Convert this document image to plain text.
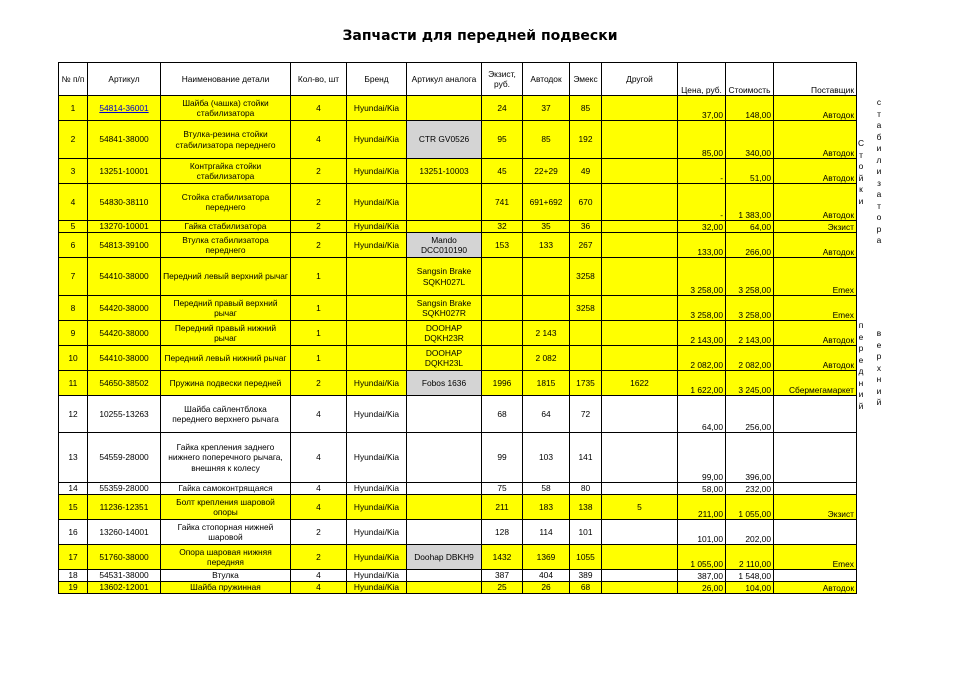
Запчасти для передней подвески
№ п/п	Артикул	Наименование детали	Кол-во, шт	Бренд	Артикул аналога	Экзист, руб.	Автодок	Эмекс	Другой	Цена, руб.	Стоимость	Поставщик
1	54814-36001	Шайба (чашка) стойки стабилизатора	4	Hyundai/Kia		24	37	85		37,00	148,00	Автодок
2	54841-38000	Втулка-резина стойки стабилизатора переднего	4	Hyundai/Kia	CTR GV0526	95	85	192		85,00	340,00	Автодок
3	13251-10001	Контргайка стойки стабилизатора	2	Hyundai/Kia	13251-10003	45	22+29	49		-	51,00	Автодок
4	54830-38110	Стойка стабилизатора переднего	2	Hyundai/Kia		741	691+692	670		-	1 383,00	Автодок
5	13270-10001	Гайка стабилизатора	2	Hyundai/Kia		32	35	36		32,00	64,00	Экзист
6	54813-39100	Втулка стабилизатора переднего	2	Hyundai/Kia	Mando DCC010190	153	133	267		133,00	266,00	Автодок
7	54410-38000	Передний левый верхний рычаг	1		Sangsin Brake SQKH027L			3258		3 258,00	3 258,00	Emex
8	54420-38000	Передний правый верхний рычаг	1		Sangsin Brake SQKH027R			3258		3 258,00	3 258,00	Emex
9	54420-38000	Передний правый нижний рычаг	1		DOOHAP DQKH23R		2 143			2 143,00	2 143,00	Автодок
10	54410-38000	Передний левый нижний рычаг	1		DOOHAP DQKH23L		2 082			2 082,00	2 082,00	Автодок
11	54650-38502	Пружина подвески передней	2	Hyundai/Kia	Fobos 1636	1996	1815	1735	1622	1 622,00	3 245,00	Сбермегамаркет
12	10255-13263	Шайба сайлентблока переднего верхнего рычага	4	Hyundai/Kia		68	64	72		64,00	256,00	
13	54559-28000	Гайка крепления заднего нижнего поперечного рычага, внешняя к колесу	4	Hyundai/Kia		99	103	141		99,00	396,00	
14	55359-28000	Гайка самоконтрящаяся	4	Hyundai/Kia		75	58	80		58,00	232,00	
15	11236-12351	Болт крепления шаровой опоры	4	Hyundai/Kia		211	183	138	5	211,00	1 055,00	Экзист
16	13260-14001	Гайка стопорная нижней шаровой	2	Hyundai/Kia		128	114	101		101,00	202,00	
17	51760-38000	Опора шаровая нижняя передняя	2	Hyundai/Kia	Doohap DBKH9	1432	1369	1055		1 055,00	2 110,00	Emex
18	54531-38000	Втулка	4	Hyundai/Kia		387	404	389		387,00	1 548,00	
19	13602-12001	Шайба пружинная	4	Hyundai/Kia		25	26	68		26,00	104,00	Автодок
Стойки
стабилизатора
передний
верхний
